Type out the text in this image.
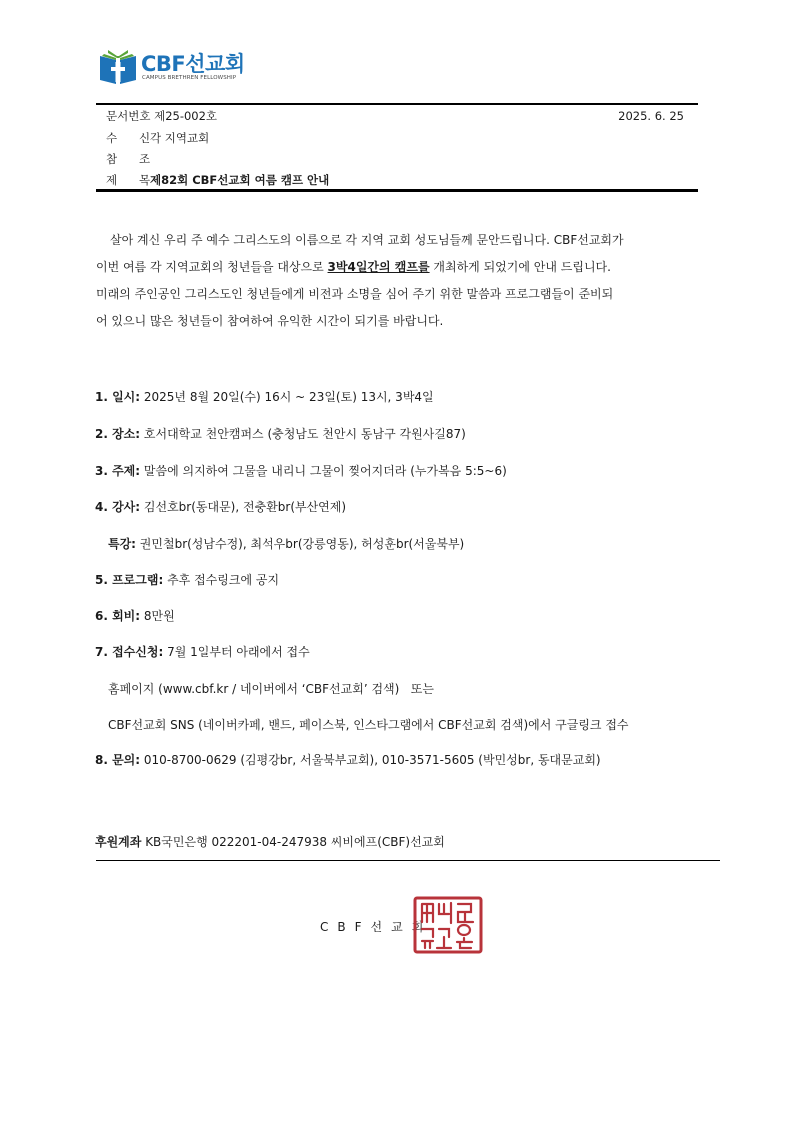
CBF선교회
CAMPUS BRETHREN FELLOWSHIP
문서번호 제25-002호	2025. 6. 25
수      신각 지역교회
참      조
제      목제82회 CBF선교회 여름 캠프 안내

살아 계신 우리 주 예수 그리스도의 이름으로 각 지역 교회 성도님들께 문안드립니다. CBF선교회가

이번 여름 각 지역교회의 청년들을 대상으로 3박4일간의 캠프를 개최하게 되었기에 안내 드립니다.

미래의 주인공인 그리스도인 청년들에게 비전과 소명을 심어 주기 위한 말씀과 프로그램들이 준비되

어 있으니 많은 청년들이 참여하여 유익한 시간이 되기를 바랍니다.

1. 일시: 2025년 8월 20일(수) 16시 ~ 23일(토) 13시, 3박4일
2. 장소: 호서대학교 천안캠퍼스 (충청남도 천안시 동남구 각원사길87)
3. 주제: 말씀에 의지하여 그물을 내리니 그물이 찢어지더라 (누가복음 5:5~6)
4. 강사: 김선호br(동대문), 전충환br(부산연제)
특강: 권민철br(성남수정), 최석우br(강릉영동), 허성훈br(서울북부)
5. 프로그램: 추후 접수링크에 공지
6. 회비: 8만원
7. 접수신청: 7월 1일부터 아래에서 접수
홈페이지 (www.cbf.kr / 네이버에서 ‘CBF선교회’ 검색)   또는
CBF선교회 SNS (네이버카페, 밴드, 페이스북, 인스타그램에서 CBF선교회 검색)에서 구글링크 접수
8. 문의: 010-8700-0629 (김평강br, 서울북부교회), 010-3571-5605 (박민성br, 동대문교회)
후원계좌 KB국민은행 022201-04-247938 씨비에프(CBF)선교회
CBF선교회
